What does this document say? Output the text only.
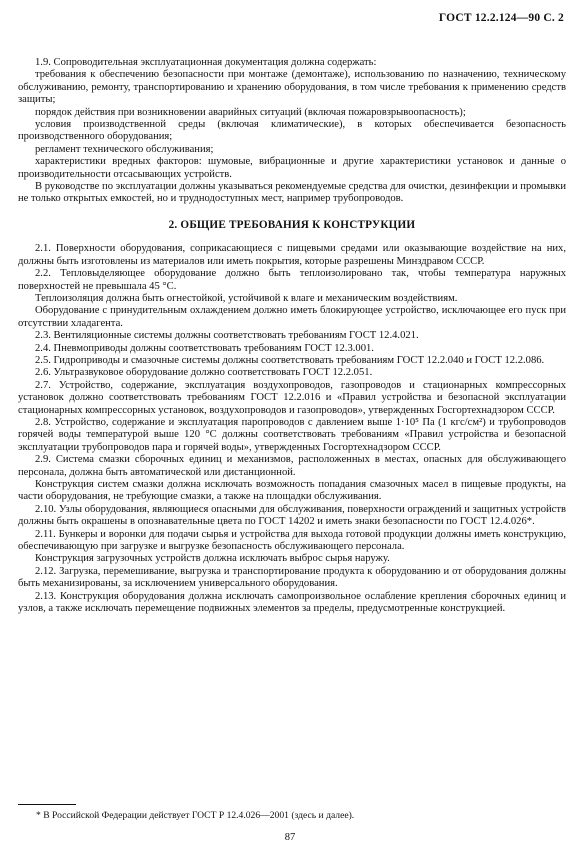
ГОСТ 12.2.124—90 С. 2

1.9. Сопроводительная эксплуатационная документация должна содержать:

требования к обеспечению безопасности при монтаже (демонтаже), использованию по назначению, техническому обслуживанию, ремонту, транспортированию и хранению оборудования, в том числе требования к применению средств защиты;

порядок действия при возникновении аварийных ситуаций (включая пожаровзрывоопасность);

условия производственной среды (включая климатические), в которых обеспечивается безопасность производственного оборудования;

регламент технического обслуживания;

характеристики вредных факторов: шумовые, вибрационные и другие характеристики установок и данные о производительности отсасывающих устройств.

В руководстве по эксплуатации должны указываться рекомендуемые средства для очистки, дезинфекции и промывки не только открытых емкостей, но и труднодоступных мест, например трубопроводов.

2. ОБЩИЕ ТРЕБОВАНИЯ К КОНСТРУКЦИИ

2.1. Поверхности оборудования, соприкасающиеся с пищевыми средами или оказывающие воздействие на них, должны быть изготовлены из материалов или иметь покрытия, которые разрешены Минздравом СССР.

2.2. Тепловыделяющее оборудование должно быть теплоизолировано так, чтобы температура наружных поверхностей не превышала 45 °С.

Теплоизоляция должна быть огнестойкой, устойчивой к влаге и механическим воздействиям.

Оборудование с принудительным охлаждением должно иметь блокирующее устройство, исключающее его пуск при отсутствии хладагента.

2.3. Вентиляционные системы должны соответствовать требованиям ГОСТ 12.4.021.

2.4. Пневмоприводы должны соответствовать требованиям ГОСТ 12.3.001.

2.5. Гидроприводы и смазочные системы должны соответствовать требованиям ГОСТ 12.2.040 и ГОСТ 12.2.086.

2.6. Ультразвуковое оборудование должно соответствовать ГОСТ 12.2.051.

2.7. Устройство, содержание, эксплуатация воздухопроводов, газопроводов и стационарных компрессорных установок должно соответствовать требованиям ГОСТ 12.2.016 и «Правил устройства и безопасной эксплуатации стационарных компрессорных установок, воздухопроводов и газопроводов», утвержденных Госгортехнадзором СССР.

2.8. Устройство, содержание и эксплуатация паропроводов с давлением выше 1·10⁵ Па (1 кгс/см²) и трубопроводов горячей воды температурой выше 120 °С должны соответствовать требованиям «Правил устройства и безопасной эксплуатации трубопроводов пара и горячей воды», утвержденных Госгортехнадзором СССР.

2.9. Система смазки сборочных единиц и механизмов, расположенных в местах, опасных для обслуживающего персонала, должна быть автоматической или дистанционной.

Конструкция систем смазки должна исключать возможность попадания смазочных масел в пищевые продукты, на части оборудования, не требующие смазки, а также на площадки обслуживания.

2.10. Узлы оборудования, являющиеся опасными для обслуживания, поверхности ограждений и защитных устройств должны быть окрашены в опознавательные цвета по ГОСТ 14202 и иметь знаки безопасности по ГОСТ 12.4.026*.

2.11. Бункеры и воронки для подачи сырья и устройства для выхода готовой продукции должны иметь конструкцию, обеспечивающую при загрузке и выгрузке безопасность обслуживающего персонала.

Конструкция загрузочных устройств должна исключать выброс сырья наружу.

2.12. Загрузка, перемешивание, выгрузка и транспортирование продукта к оборудованию и от оборудования должны быть механизированы, за исключением универсального оборудования.

2.13. Конструкция оборудования должна исключать самопроизвольное ослабление крепления сборочных единиц и узлов, а также исключать перемещение подвижных элементов за пределы, предусмотренные конструкцией.

* В Российской Федерации действует ГОСТ Р 12.4.026—2001 (здесь и далее).
87
